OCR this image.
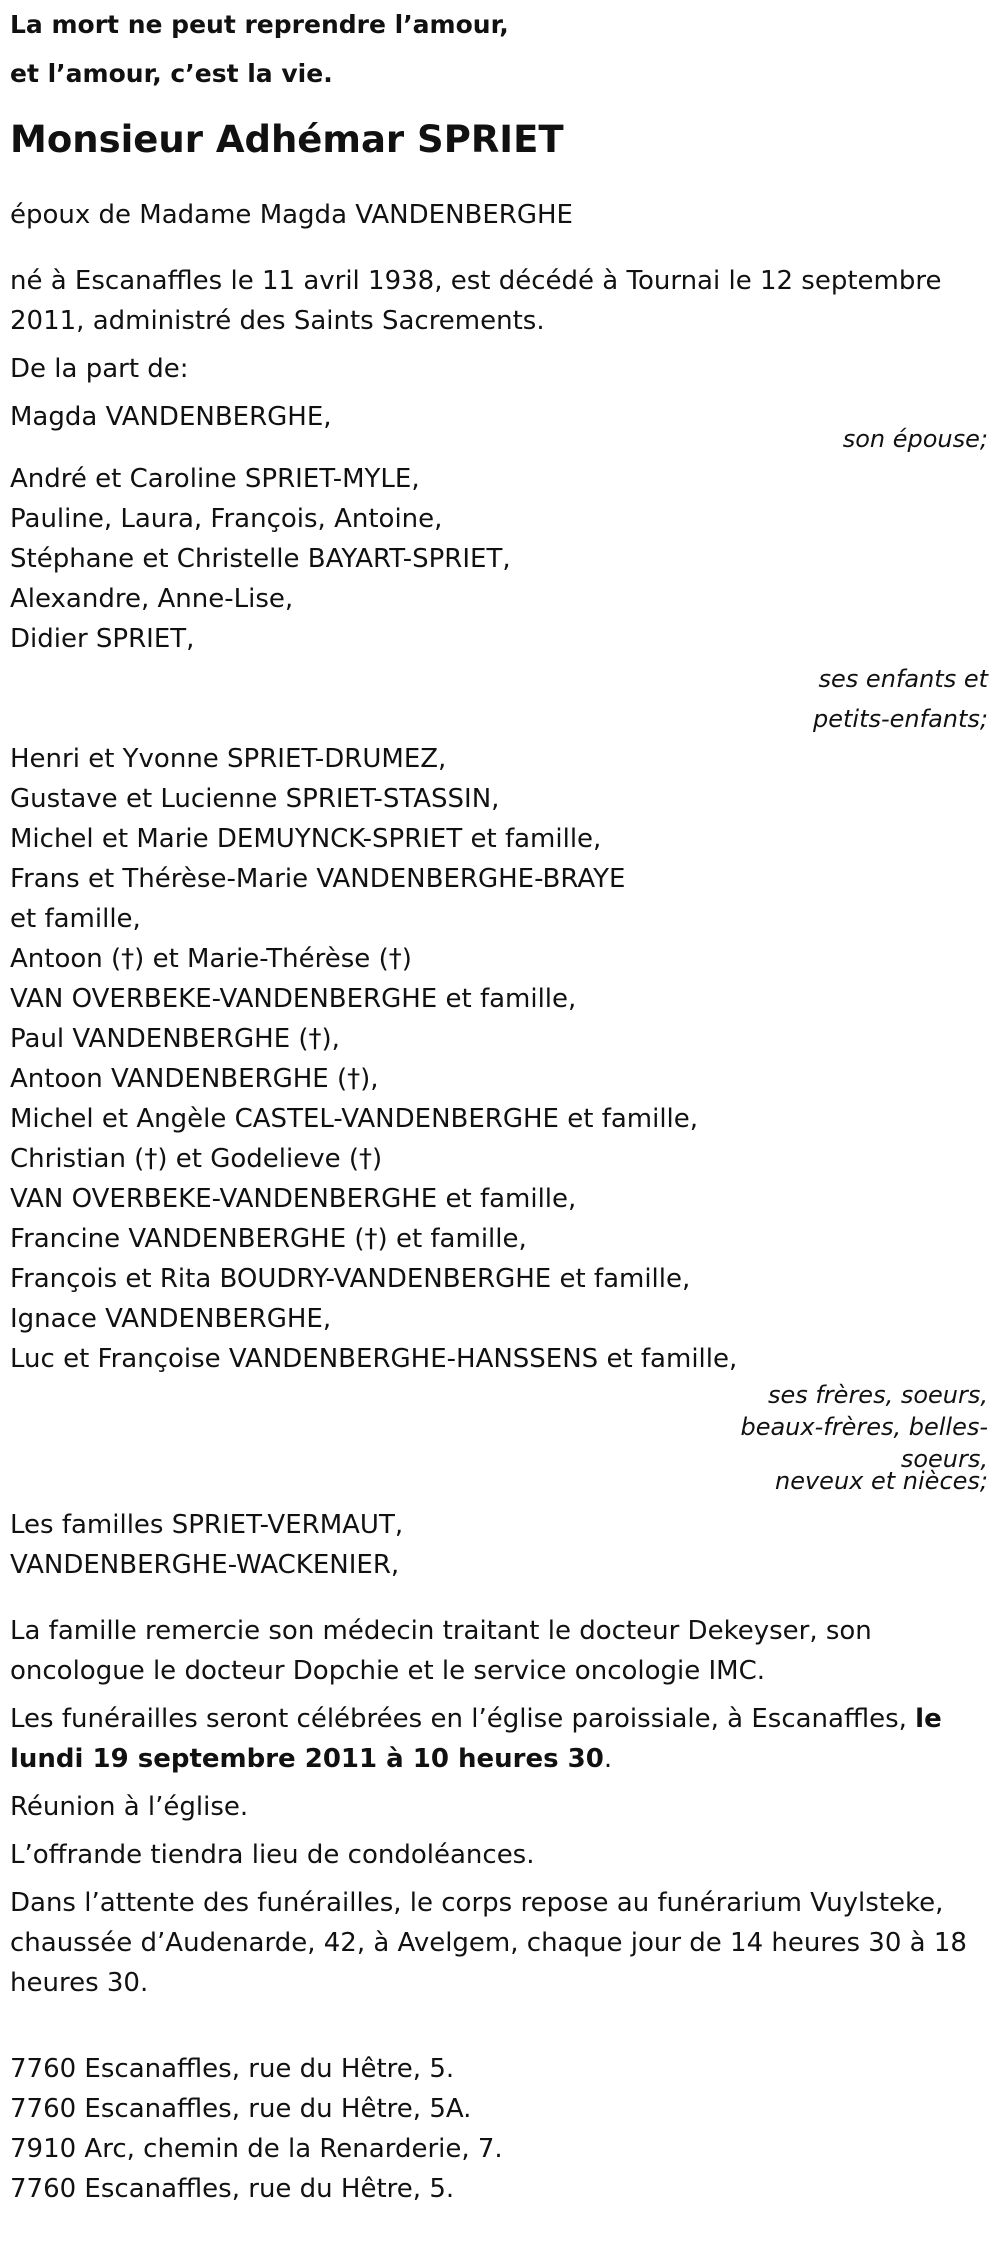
La mort ne peut reprendre l’amour,
et l’amour, c’est la vie.
Monsieur Adhémar SPRIET
époux de Madame Magda VANDENBERGHE
né à Escanaffles le 11 avril 1938, est décédé à Tournai le 12 septembre
2011, administré des Saints Sacrements.
De la part de:
Magda VANDENBERGHE,
son épouse;
André et Caroline SPRIET-MYLE,
Pauline, Laura, François, Antoine,
Stéphane et Christelle BAYART-SPRIET,
Alexandre, Anne-Lise,
Didier SPRIET,
ses enfants et
petits-enfants;
Henri et Yvonne SPRIET-DRUMEZ,
Gustave et Lucienne SPRIET-STASSIN,
Michel et Marie DEMUYNCK-SPRIET et famille,
Frans et Thérèse-Marie VANDENBERGHE-BRAYE
et famille,
Antoon (†) et Marie-Thérèse (†)
VAN OVERBEKE-VANDENBERGHE et famille,
Paul VANDENBERGHE (†),
Antoon VANDENBERGHE (†),
Michel et Angèle CASTEL-VANDENBERGHE et famille,
Christian (†) et Godelieve (†)
VAN OVERBEKE-VANDENBERGHE et famille,
Francine VANDENBERGHE (†) et famille,
François et Rita BOUDRY-VANDENBERGHE et famille,
Ignace VANDENBERGHE,
Luc et Françoise VANDENBERGHE-HANSSENS et famille,
ses frères, soeurs,
beaux-frères, belles-
soeurs,
neveux et nièces;
Les familles SPRIET-VERMAUT,
VANDENBERGHE-WACKENIER,
La famille remercie son médecin traitant le docteur Dekeyser, son
oncologue le docteur Dopchie et le service oncologie IMC.
Les funérailles seront célébrées en l’église paroissiale, à Escanaffles, le
lundi 19 septembre 2011 à 10 heures 30.
Réunion à l’église.
L’offrande tiendra lieu de condoléances.
Dans l’attente des funérailles, le corps repose au funérarium Vuylsteke,
chaussée d’Audenarde, 42, à Avelgem, chaque jour de 14 heures 30 à 18
heures 30.
7760 Escanaffles, rue du Hêtre, 5.
7760 Escanaffles, rue du Hêtre, 5A.
7910 Arc, chemin de la Renarderie, 7.
7760 Escanaffles, rue du Hêtre, 5.
